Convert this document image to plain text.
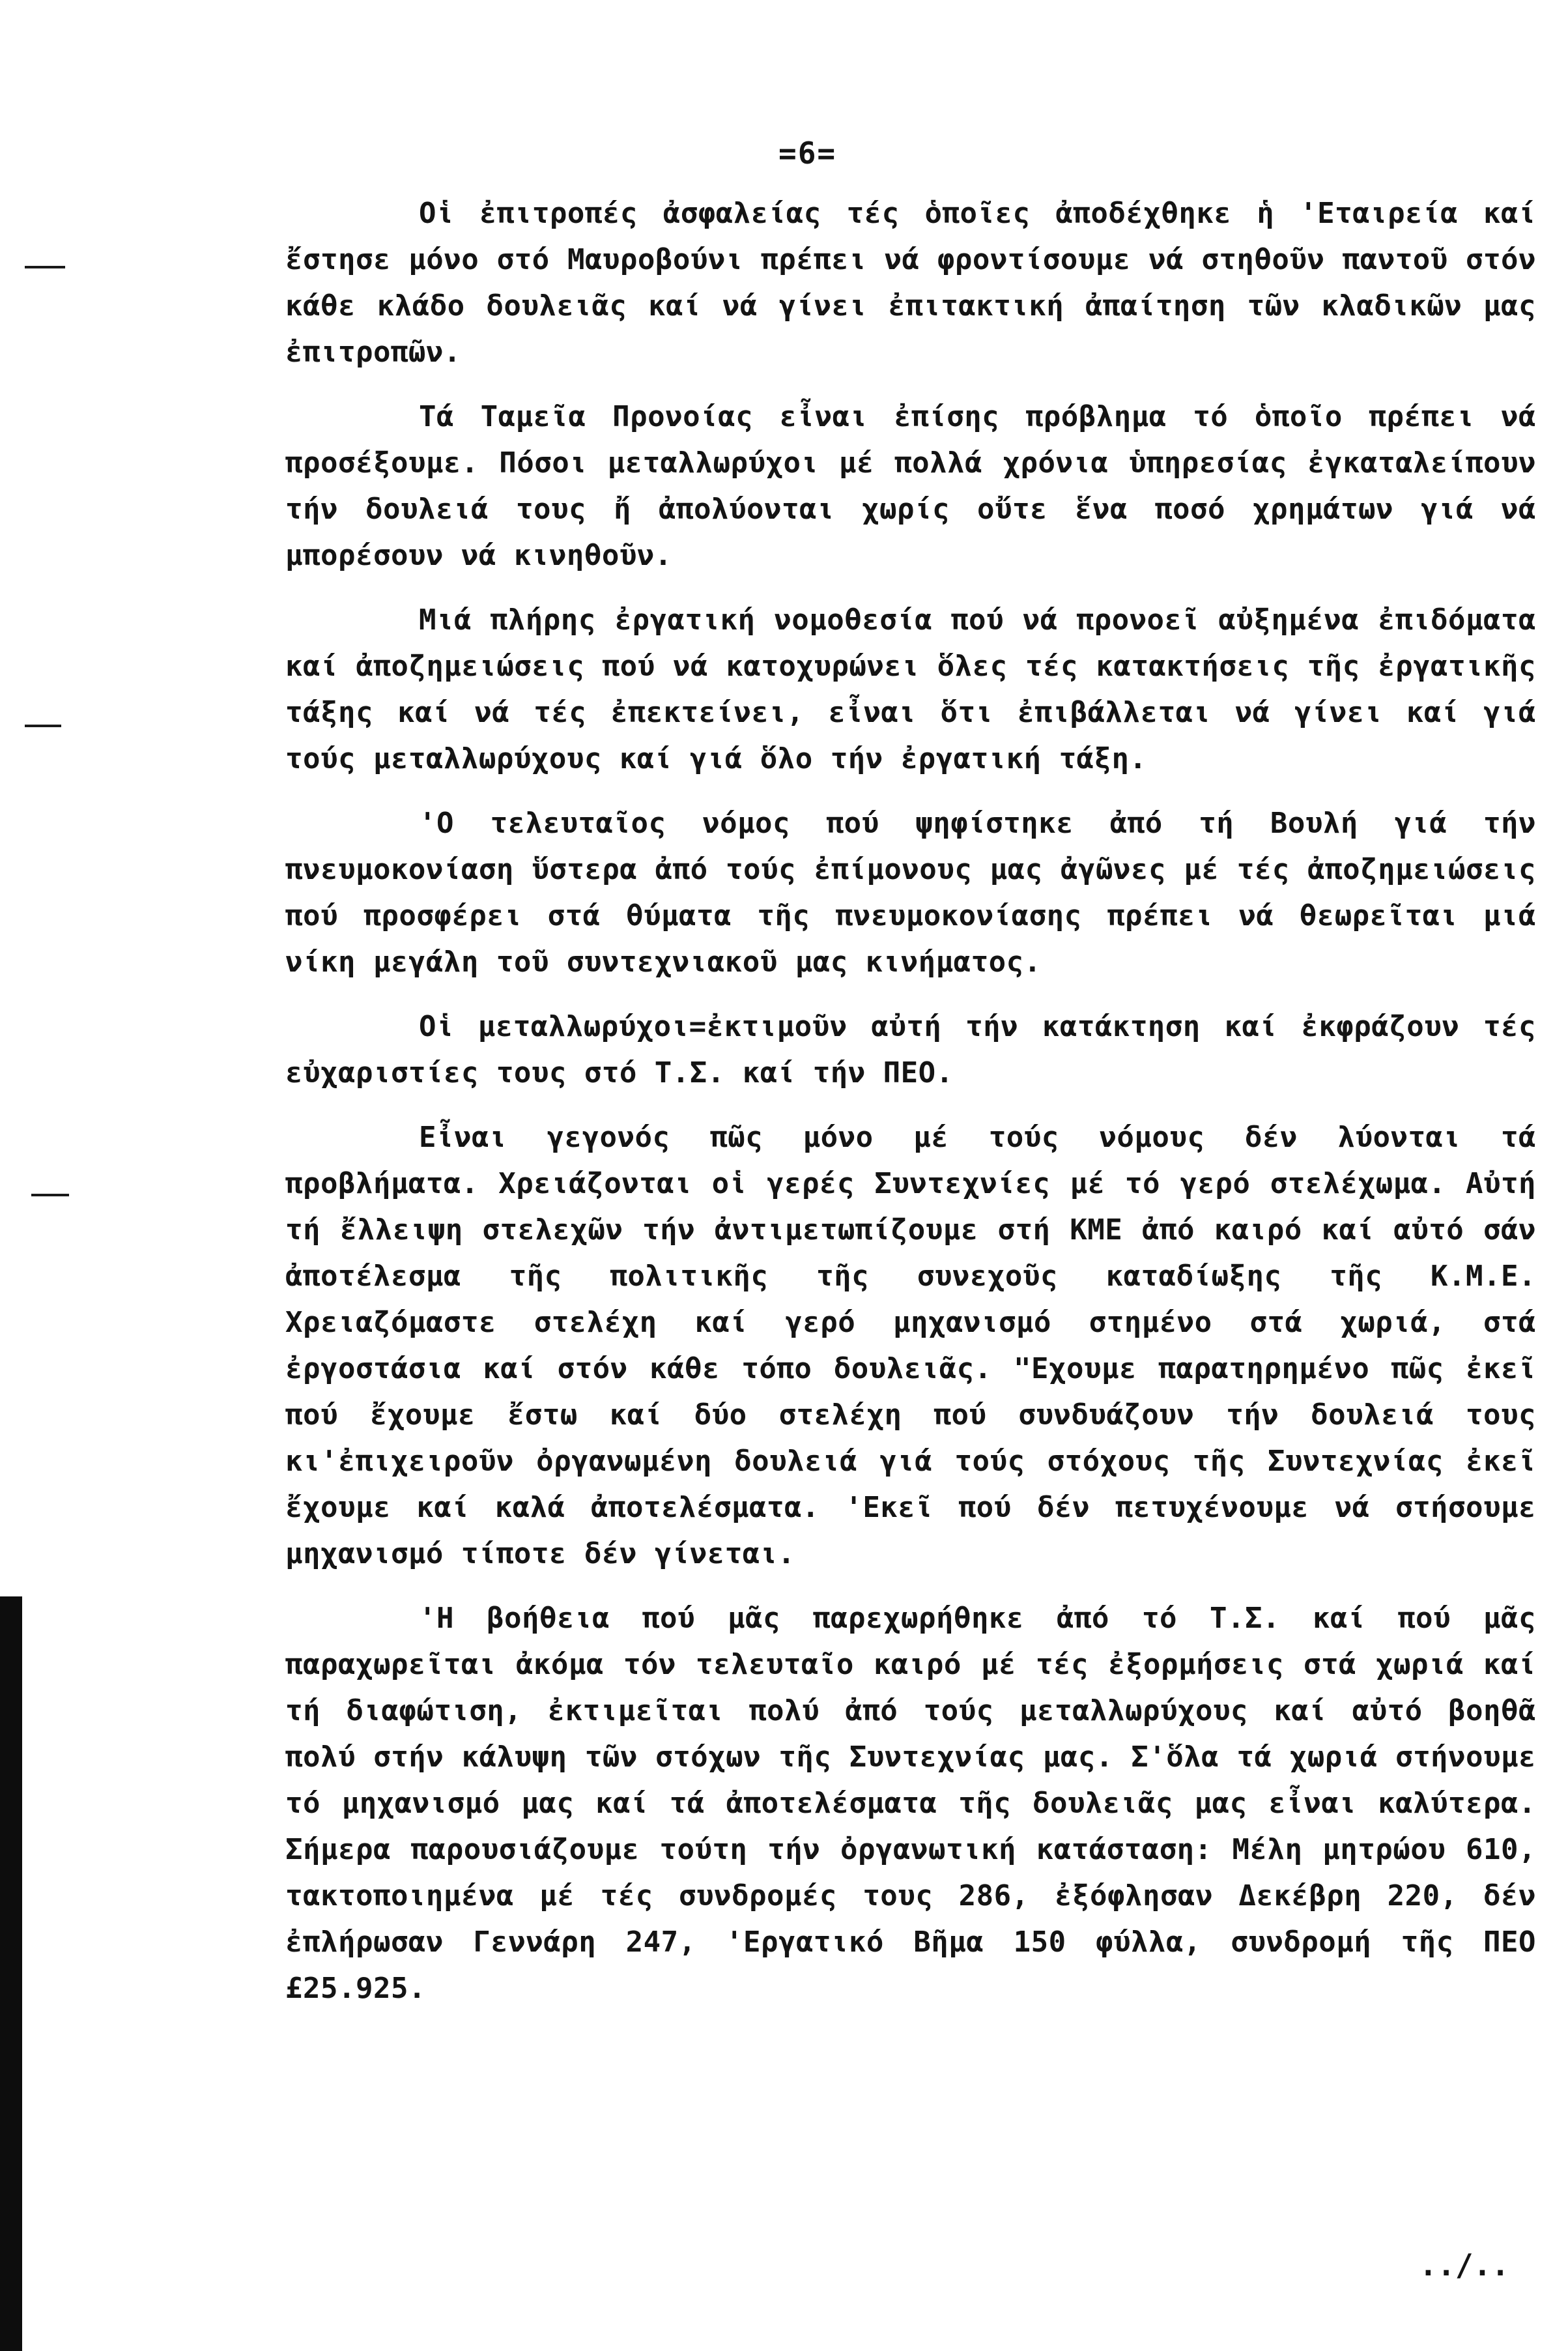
=6=

Οἱ ἐπιτροπές ἀσφαλείας τές ὁποῖες ἀποδέχθηκε ἡ 'Εταιρεία καί ἔστησε μόνο στό Μαυροβούνι πρέπει νά φροντίσουμε νά στηθοῦν παντοῦ στόν κάθε κλάδο δουλειᾶς καί νά γίνει ἐπιτακτική ἀπαίτηση τῶν κλαδικῶν μας ἐπιτροπῶν.

Τά Ταμεῖα Προνοίας εἶναι ἐπίσης πρόβλημα τό ὁποῖο πρέπει νά προσέξουμε. Πόσοι μεταλλωρύχοι μέ πολλά χρόνια ὑπηρεσίας ἐγκαταλείπουν τήν δουλειά τους ἤ ἀπολύονται χωρίς οὔτε ἕνα ποσό χρημάτων γιά νά μπορέσουν νά κινηθοῦν.

Μιά πλήρης ἐργατική νομοθεσία πού νά προνοεῖ αὐξημένα ἐπιδόματα καί ἀποζημειώσεις πού νά κατοχυρώνει ὅλες τές κατακτήσεις τῆς ἐργατικῆς τάξης καί νά τές ἐπεκτείνει, εἶναι ὅτι ἐπιβάλλεται νά γίνει καί γιά τούς μεταλλωρύχους καί γιά ὅλο τήν ἐργατική τάξη.

'Ο τελευταῖος νόμος πού ψηφίστηκε ἀπό τή Βουλή γιά τήν πνευμοκονίαση ὕστερα ἀπό τούς ἐπίμονους μας ἀγῶνες μέ τές ἀποζημειώσεις πού προσφέρει στά θύματα τῆς πνευμοκονίασης πρέπει νά θεωρεῖται μιά νίκη μεγάλη τοῦ συντεχνιακοῦ μας κινήματος.

Οἱ μεταλλωρύχοι=ἐκτιμοῦν αὐτή τήν κατάκτηση καί ἐκφράζουν τές εὐχαριστίες τους στό Τ.Σ. καί τήν ΠΕΟ.

Εἶναι γεγονός πῶς μόνο μέ τούς νόμους δέν λύονται τά προβλήματα. Χρειάζονται οἱ γερές Συντεχνίες μέ τό γερό στελέχωμα. Αὐτή τή ἔλλειψη στελεχῶν τήν ἀντιμετωπίζουμε στή ΚΜΕ ἀπό καιρό καί αὐτό σάν ἀποτέλεσμα τῆς πολιτικῆς τῆς συνεχοῦς καταδίωξης τῆς Κ.Μ.Ε. Χρειαζόμαστε στελέχη καί γερό μηχανισμό στημένο στά χωριά, στά ἐργοστάσια καί στόν κάθε τόπο δουλειᾶς. "Εχουμε παρατηρημένο πῶς ἐκεῖ πού ἔχουμε ἔστω καί δύο στελέχη πού συνδυάζουν τήν δουλειά τους κι'ἐπιχειροῦν ὀργανωμένη δουλειά γιά τούς στόχους τῆς Συντεχνίας ἐκεῖ ἔχουμε καί καλά ἀποτελέσματα. 'Εκεῖ πού δέν πετυχένουμε νά στήσουμε μηχανισμό τίποτε δέν γίνεται.

'Η βοήθεια πού μᾶς παρεχωρήθηκε ἀπό τό Τ.Σ. καί πού μᾶς παραχωρεῖται ἀκόμα τόν τελευταῖο καιρό μέ τές ἐξορμήσεις στά χωριά καί τή διαφώτιση, ἐκτιμεῖται πολύ ἀπό τούς μεταλλωρύχους καί αὐτό βοηθᾶ πολύ στήν κάλυψη τῶν στόχων τῆς Συντεχνίας μας. Σ'ὅλα τά χωριά στήνουμε τό μηχανισμό μας καί τά ἀποτελέσματα τῆς δουλειᾶς μας εἶναι καλύτερα. Σήμερα παρουσιάζουμε τούτη τήν ὀργανωτική κατάσταση: Μέλη μητρώου 610, τακτοποιημένα μέ τές συνδρομές τους 286, ἐξόφλησαν Δεκέβρη 220, δέν ἐπλήρωσαν Γεννάρη 247, 'Εργατικό Βῆμα 150 φύλλα, συνδρομή τῆς ΠΕΟ £25.925.

../..
